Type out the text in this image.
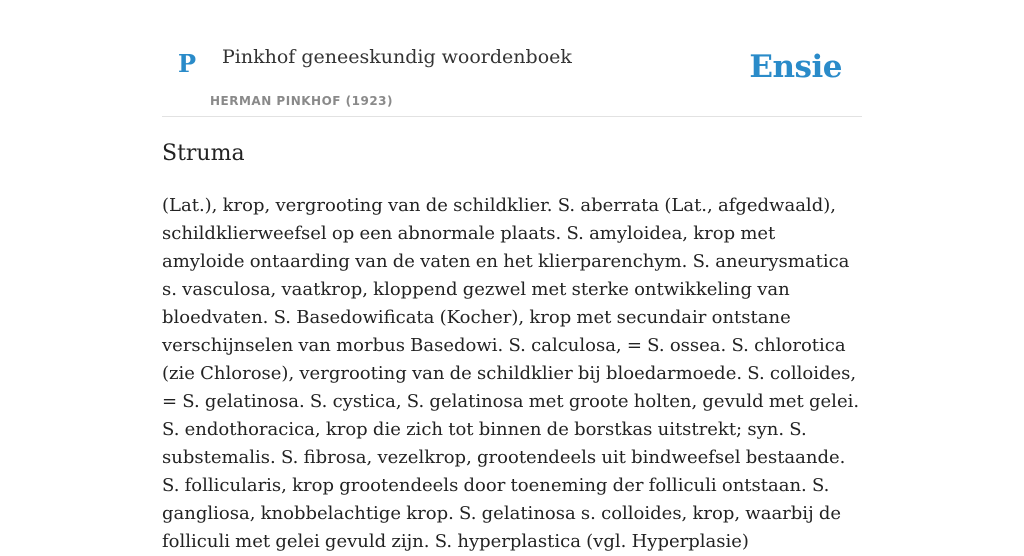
P Pinkhof geneeskundig woordenboek
HERMAN PINKHOF (1923)
Ensie
Struma

(Lat.), krop, vergrooting van de schildklier. S. aberrata (Lat., afgedwaald), schildklierweefsel op een abnormale plaats. S. amyloidea, krop met amyloide ontaarding van de vaten en het klierparenchym. S. aneurysmatica s. vasculosa, vaatkrop, kloppend gezwel met sterke ontwikkeling van bloedvaten. S. Basedowificata (Kocher), krop met secundair ontstane verschijnselen van morbus Basedowi. S. calculosa, = S. ossea. S. chlorotica (zie Chlorose), vergrooting van de schildklier bij bloedarmoede. S. colloides, = S. gelatinosa. S. cystica, S. gelatinosa met groote holten, gevuld met gelei. S. endothoracica, krop die zich tot binnen de borstkas uitstrekt; syn. S. substemalis. S. fibrosa, vezelkrop, grootendeels uit bindweefsel bestaande. S. follicularis, krop grootendeels door toeneming der folliculi ontstaan. S. gangliosa, knobbelachtige krop. S. gelatinosa s. colloides, krop, waarbij de folliculi met gelei gevuld zijn. S. hyperplastica (vgl. Hyperplasie)
